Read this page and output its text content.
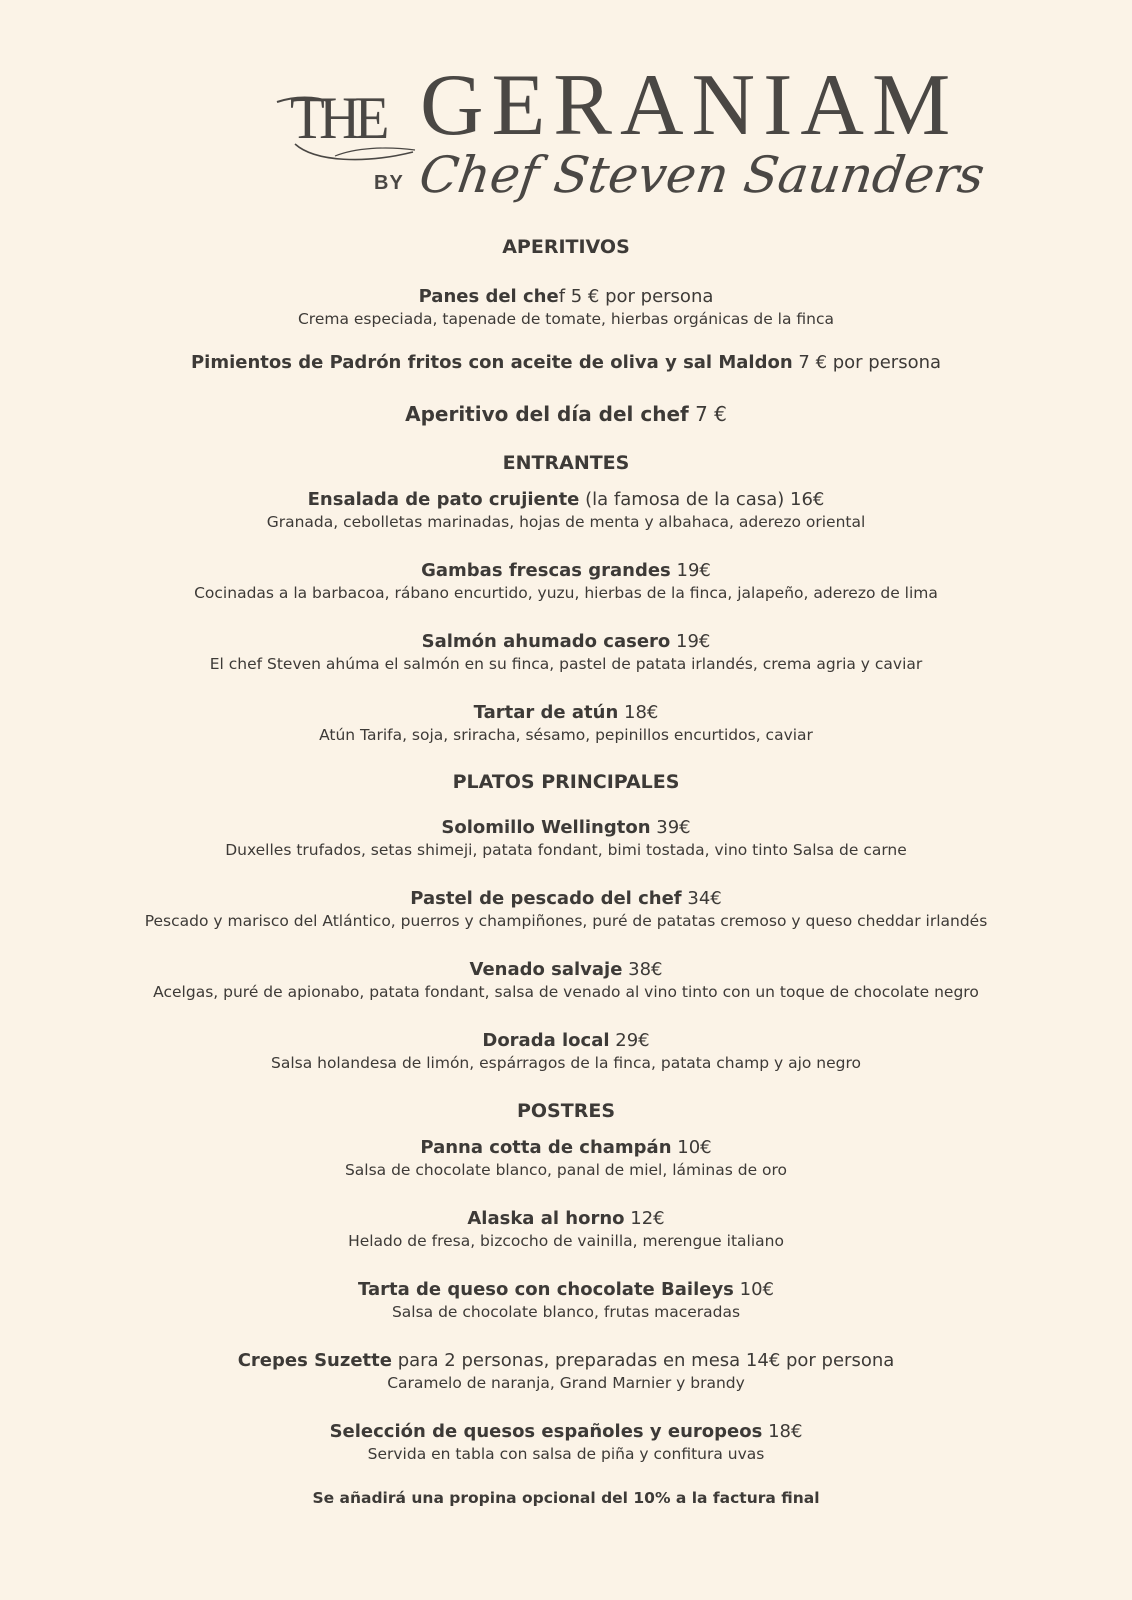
THE GERANIAM
BY Chef Steven Saunders
APERITIVOS
Panes del chef 5 € por persona
Crema especiada, tapenade de tomate, hierbas orgánicas de la finca
Pimientos de Padrón fritos con aceite de oliva y sal Maldon 7 € por persona
Aperitivo del día del chef 7 €
ENTRANTES
Ensalada de pato crujiente (la famosa de la casa) 16€
Granada, cebolletas marinadas, hojas de menta y albahaca, aderezo oriental
Gambas frescas grandes 19€
Cocinadas a la barbacoa, rábano encurtido, yuzu, hierbas de la finca, jalapeño, aderezo de lima
Salmón ahumado casero 19€
El chef Steven ahúma el salmón en su finca, pastel de patata irlandés, crema agria y caviar
Tartar de atún 18€
Atún Tarifa, soja, sriracha, sésamo, pepinillos encurtidos, caviar
PLATOS PRINCIPALES
Solomillo Wellington 39€
Duxelles trufados, setas shimeji, patata fondant, bimi tostada, vino tinto Salsa de carne
Pastel de pescado del chef 34€
Pescado y marisco del Atlántico, puerros y champiñones, puré de patatas cremoso y queso cheddar irlandés
Venado salvaje 38€
Acelgas, puré de apionabo, patata fondant, salsa de venado al vino tinto con un toque de chocolate negro
Dorada local 29€
Salsa holandesa de limón, espárragos de la finca, patata champ y ajo negro
POSTRES
Panna cotta de champán 10€
Salsa de chocolate blanco, panal de miel, láminas de oro
Alaska al horno 12€
Helado de fresa, bizcocho de vainilla, merengue italiano
Tarta de queso con chocolate Baileys 10€
Salsa de chocolate blanco, frutas maceradas
Crepes Suzette para 2 personas, preparadas en mesa 14€ por persona
Caramelo de naranja, Grand Marnier y brandy
Selección de quesos españoles y europeos 18€
Servida en tabla con salsa de piña y confitura uvas
Se añadirá una propina opcional del 10% a la factura final
